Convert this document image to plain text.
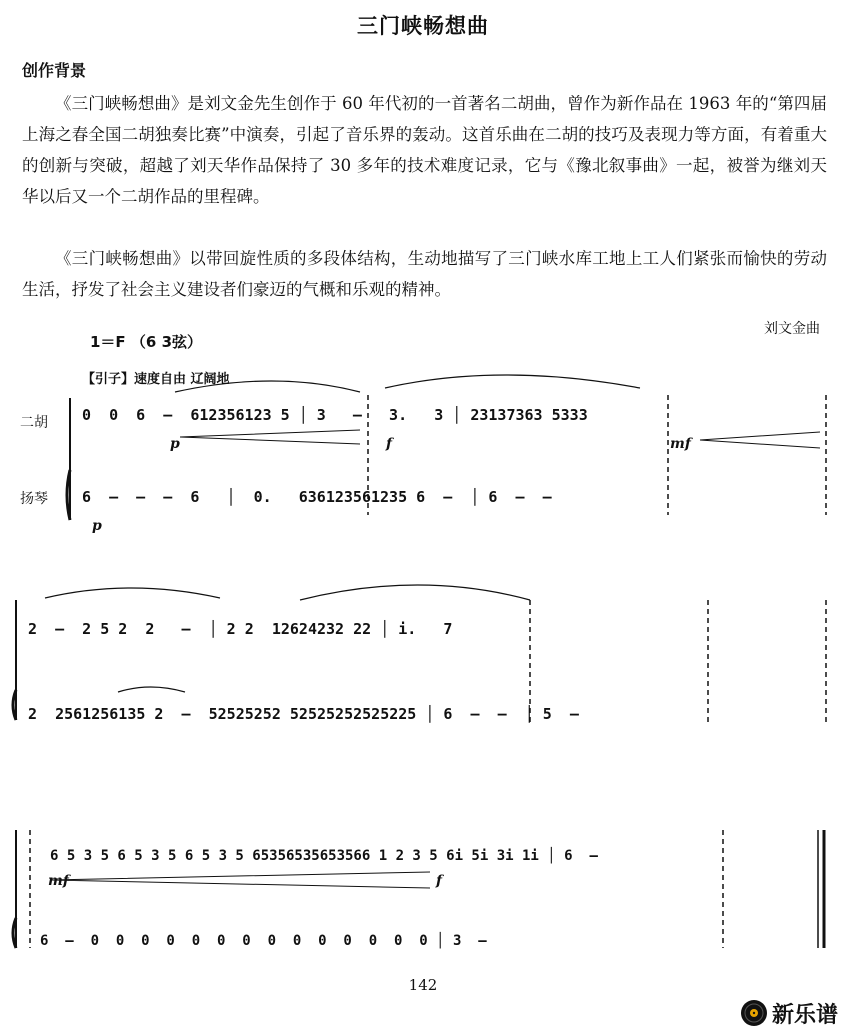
三门峡畅想曲
创作背景
《三门峡畅想曲》是刘文金先生创作于 60 年代初的一首著名二胡曲，曾作为新作品在 1963 年的“第四届上海之春全国二胡独奏比赛”中演奏，引起了音乐界的轰动。这首乐曲在二胡的技巧及表现力等方面，有着重大的创新与突破，超越了刘天华作品保持了 30 多年的技术难度记录，它与《豫北叙事曲》一起，被誉为继刘天华以后又一个二胡作品的里程碑。
《三门峡畅想曲》以带回旋性质的多段体结构，生动地描写了三门峡水库工地上工人们紧张而愉快的劳动生活，抒发了社会主义建设者们豪迈的气概和乐观的精神。
刘文金曲
1＝F （6 3弦）
【引子】速度自由 辽阔地
二胡
扬琴
0  0  6  –  612356123 5 │ 3   –   3.   3 │ 23137363 5333
6  –  –  –  6   │  0.   636123561235 6  –  │ 6  –  –
p	f	mf
p
2  –  2 5 2  2   –  │ 2 2  12624232 22 │ i.   7
2  2561256135 2  –  52525252 52525252525225 │ 6  –  –  │ 5  –
6 5 3 5 6 5 3 5 6 5 3 5 65356535653566 1 2 3 5 6i 5i 3i 1i │ 6  –
6  –  0  0  0  0  0  0  0  0  0  0  0  0  0  0 │ 3  –
mf	f
142
新乐谱
